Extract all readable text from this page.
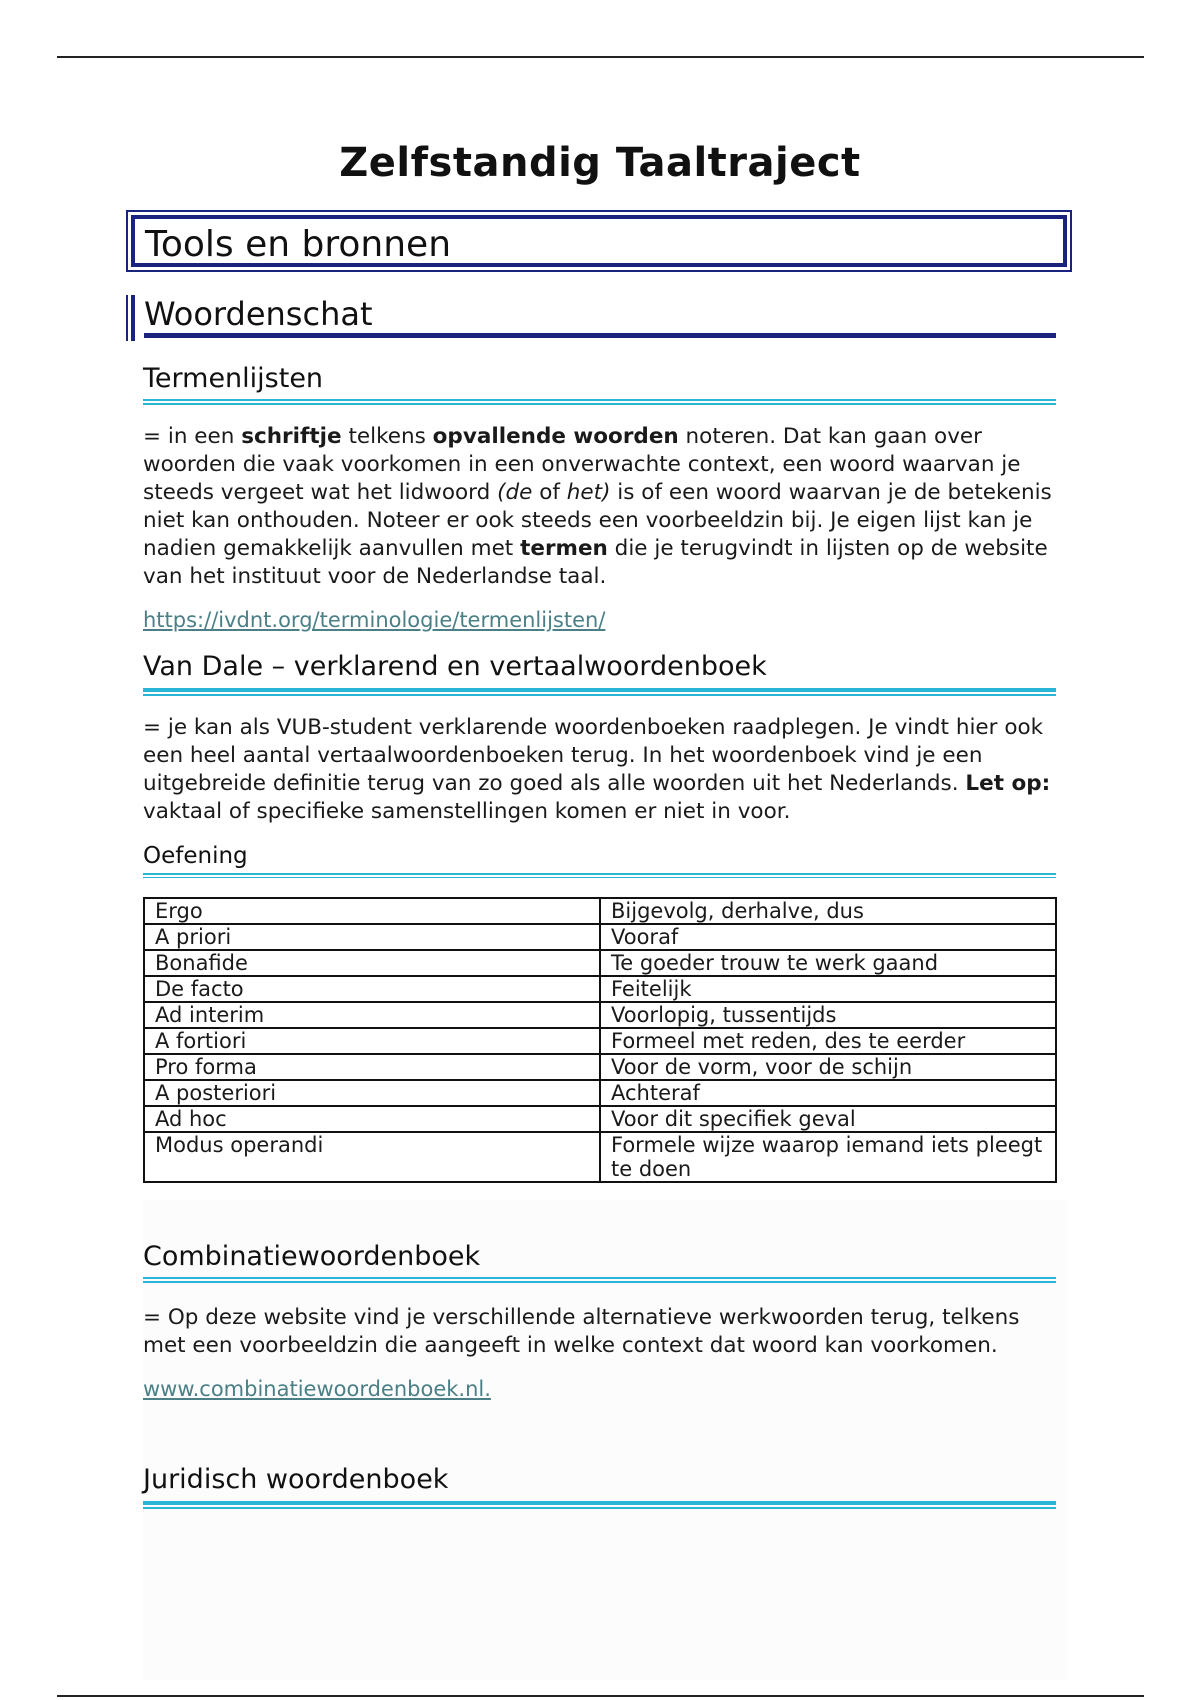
Zelfstandig Taaltraject
Tools en bronnen
Woordenschat
Termenlijsten
= in een schriftje telkens opvallende woorden noteren. Dat kan gaan over woorden die vaak voorkomen in een onverwachte context, een woord waarvan je steeds vergeet wat het lidwoord (de of het) is of een woord waarvan je de betekenis niet kan onthouden. Noteer er ook steeds een voorbeeldzin bij. Je eigen lijst kan je nadien gemakkelijk aanvullen met termen die je terugvindt in lijsten op de website van het instituut voor de Nederlandse taal.
https://ivdnt.org/terminologie/termenlijsten/
Van Dale – verklarend en vertaalwoordenboek
= je kan als VUB-student verklarende woordenboeken raadplegen. Je vindt hier ook een heel aantal vertaalwoordenboeken terug. In het woordenboek vind je een uitgebreide definitie terug van zo goed als alle woorden uit het Nederlands. Let op: vaktaal of specifieke samenstellingen komen er niet in voor.
Oefening
Ergo	Bijgevolg, derhalve, dus
A priori	Vooraf
Bonafide	Te goeder trouw te werk gaand
De facto	Feitelijk
Ad interim	Voorlopig, tussentijds
A fortiori	Formeel met reden, des te eerder
Pro forma	Voor de vorm, voor de schijn
A posteriori	Achteraf
Ad hoc	Voor dit specifiek geval
Modus operandi	Formele wijze waarop iemand iets pleegt te doen
Combinatiewoordenboek
= Op deze website vind je verschillende alternatieve werkwoorden terug, telkens met een voorbeeldzin die aangeeft in welke context dat woord kan voorkomen.
www.combinatiewoordenboek.nl.
Juridisch woordenboek
